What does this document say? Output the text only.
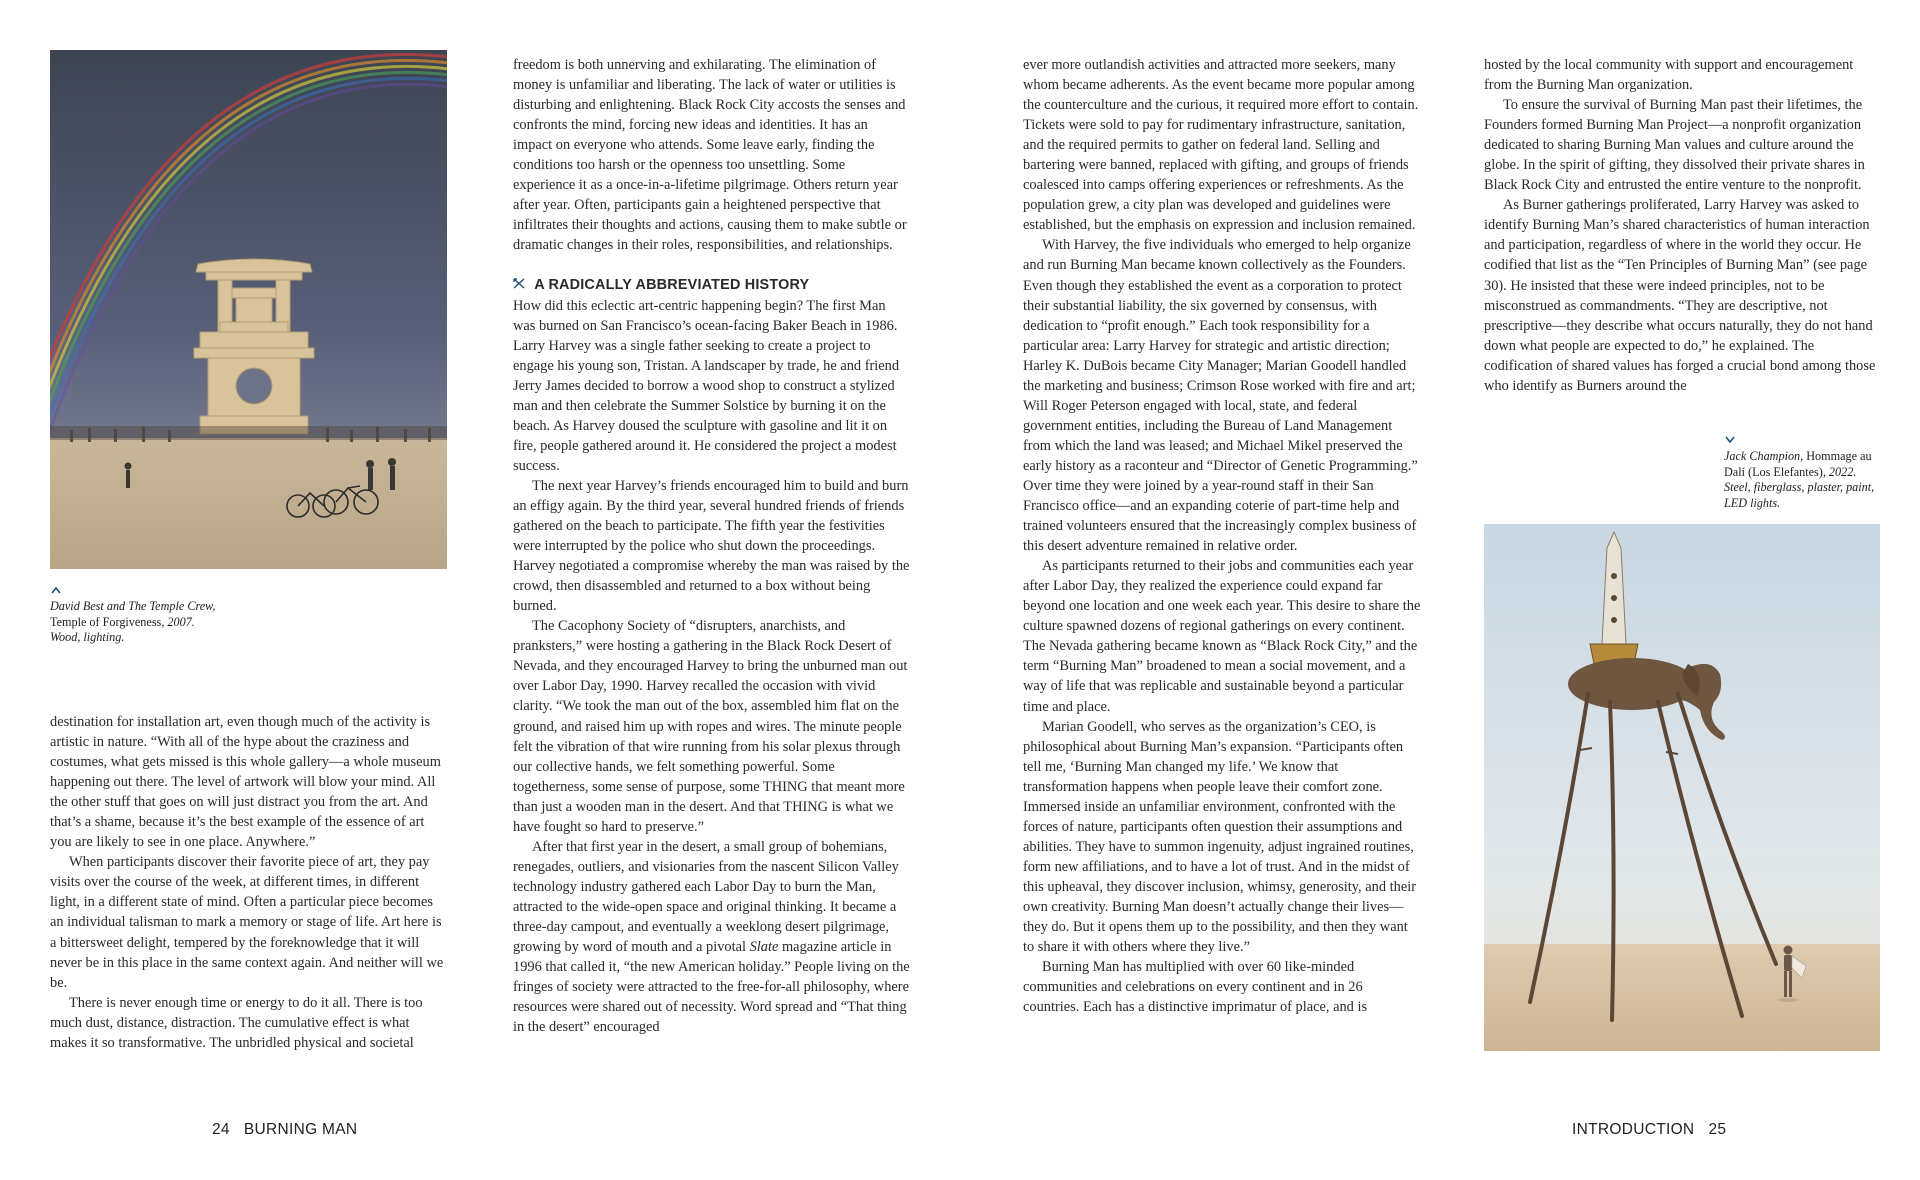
David Best and The Temple Crew,
Temple of Forgiveness, 2007.
Wood, lighting.

destination for installation art, even though much of the activity is artistic in nature. “With all of the hype about the craziness and costumes, what gets missed is this whole gallery—a whole museum happening out there. The level of artwork will blow your mind. All the other stuff that goes on will just distract you from the art. And that’s a shame, because it’s the best example of the essence of art you are likely to see in one place. Anywhere.”

When participants discover their favorite piece of art, they pay visits over the course of the week, at different times, in different light, in a different state of mind. Often a particular piece becomes an individual talisman to mark a memory or stage of life. Art here is a bittersweet delight, tempered by the foreknowledge that it will never be in this place in the same context again. And neither will we be.

There is never enough time or energy to do it all. There is too much dust, distance, distraction. The cumulative effect is what makes it so transformative. The unbridled physical and societal

freedom is both unnerving and exhilarating. The elimination of money is unfamiliar and liberating. The lack of water or utilities is disturbing and enlightening. Black Rock City accosts the senses and confronts the mind, forcing new ideas and identities. It has an impact on everyone who attends. Some leave early, finding the conditions too harsh or the openness too unsettling. Some experience it as a once-in-a-lifetime pilgrimage. Others return year after year. Often, participants gain a heightened perspective that infiltrates their thoughts and actions, causing them to make subtle or dramatic changes in their roles, responsibilities, and relationships.

A RADICALLY ABBREVIATED HISTORY

How did this eclectic art-centric happening begin? The first Man was burned on San Francisco’s ocean-facing Baker Beach in 1986. Larry Harvey was a single father seeking to create a project to engage his young son, Tristan. A landscaper by trade, he and friend Jerry James decided to borrow a wood shop to construct a stylized man and then celebrate the Summer Solstice by burning it on the beach. As Harvey doused the sculpture with gasoline and lit it on fire, people gathered around it. He considered the project a modest success.

The next year Harvey’s friends encouraged him to build and burn an effigy again. By the third year, several hundred friends of friends gathered on the beach to participate. The fifth year the festivities were interrupted by the police who shut down the proceedings. Harvey negotiated a compromise whereby the man was raised by the crowd, then disassembled and returned to a box without being burned.

The Cacophony Society of “disrupters, anarchists, and pranksters,” were hosting a gathering in the Black Rock Desert of Nevada, and they encouraged Harvey to bring the unburned man out over Labor Day, 1990. Harvey recalled the occasion with vivid clarity. “We took the man out of the box, assembled him flat on the ground, and raised him up with ropes and wires. The minute people felt the vibration of that wire running from his solar plexus through our collective hands, we felt something powerful. Some togetherness, some sense of purpose, some THING that meant more than just a wooden man in the desert. And that THING is what we have fought so hard to preserve.”

After that first year in the desert, a small group of bohemians, renegades, outliers, and visionaries from the nascent Silicon Valley technology industry gathered each Labor Day to burn the Man, attracted to the wide-open space and original thinking. It became a three-day campout, and eventually a weeklong desert pilgrimage, growing by word of mouth and a pivotal Slate magazine article in 1996 that called it, “the new American holiday.” People living on the fringes of society were attracted to the free-for-all philosophy, where resources were shared out of necessity. Word spread and “That thing in the desert” encouraged

24 BURNING MAN

ever more outlandish activities and attracted more seekers, many whom became adherents. As the event became more popular among the counterculture and the curious, it required more effort to contain. Tickets were sold to pay for rudimentary infrastructure, sanitation, and the required permits to gather on federal land. Selling and bartering were banned, replaced with gifting, and groups of friends coalesced into camps offering experiences or refreshments. As the population grew, a city plan was developed and guidelines were established, but the emphasis on expression and inclusion remained.

With Harvey, the five individuals who emerged to help organize and run Burning Man became known collectively as the Founders. Even though they established the event as a corporation to protect their substantial liability, the six governed by consensus, with dedication to “profit enough.” Each took responsibility for a particular area: Larry Harvey for strategic and artistic direction; Harley K. DuBois became City Manager; Marian Goodell handled the marketing and business; Crimson Rose worked with fire and art; Will Roger Peterson engaged with local, state, and federal government entities, including the Bureau of Land Management from which the land was leased; and Michael Mikel preserved the early history as a raconteur and “Director of Genetic Programming.” Over time they were joined by a year-round staff in their San Francisco office—and an expanding coterie of part-time help and trained volunteers ensured that the increasingly complex business of this desert adventure remained in relative order.

As participants returned to their jobs and communities each year after Labor Day, they realized the experience could expand far beyond one location and one week each year. This desire to share the culture spawned dozens of regional gatherings on every continent. The Nevada gathering became known as “Black Rock City,” and the term “Burning Man” broadened to mean a social movement, and a way of life that was replicable and sustainable beyond a particular time and place.

Marian Goodell, who serves as the organization’s CEO, is philosophical about Burning Man’s expansion. “Participants often tell me, ‘Burning Man changed my life.’ We know that transformation happens when people leave their comfort zone. Immersed inside an unfamiliar environment, confronted with the forces of nature, participants often question their assumptions and abilities. They have to summon ingenuity, adjust ingrained routines, form new affiliations, and to have a lot of trust. And in the midst of this upheaval, they discover inclusion, whimsy, generosity, and their own creativity. Burning Man doesn’t actually change their lives—they do. But it opens them up to the possibility, and then they want to share it with others where they live.”

Burning Man has multiplied with over 60 like-minded communities and celebrations on every continent and in 26 countries. Each has a distinctive imprimatur of place, and is

hosted by the local community with support and encouragement from the Burning Man organization.

To ensure the survival of Burning Man past their lifetimes, the Founders formed Burning Man Project—a nonprofit organization dedicated to sharing Burning Man values and culture around the globe. In the spirit of gifting, they dissolved their private shares in Black Rock City and entrusted the entire venture to the nonprofit.

As Burner gatherings proliferated, Larry Harvey was asked to identify Burning Man’s shared characteristics of human interaction and participation, regardless of where in the world they occur. He codified that list as the “Ten Principles of Burning Man” (see page 30). He insisted that these were indeed principles, not to be misconstrued as commandments. “They are descriptive, not prescriptive—they describe what occurs naturally, they do not hand down what people are expected to do,” he explained. The codification of shared values has forged a crucial bond among those who identify as Burners around the

Jack Champion, Hommage au Dalí (Los Elefantes), 2022. Steel, fiberglass, plaster, paint, LED lights.
INTRODUCTION 25
